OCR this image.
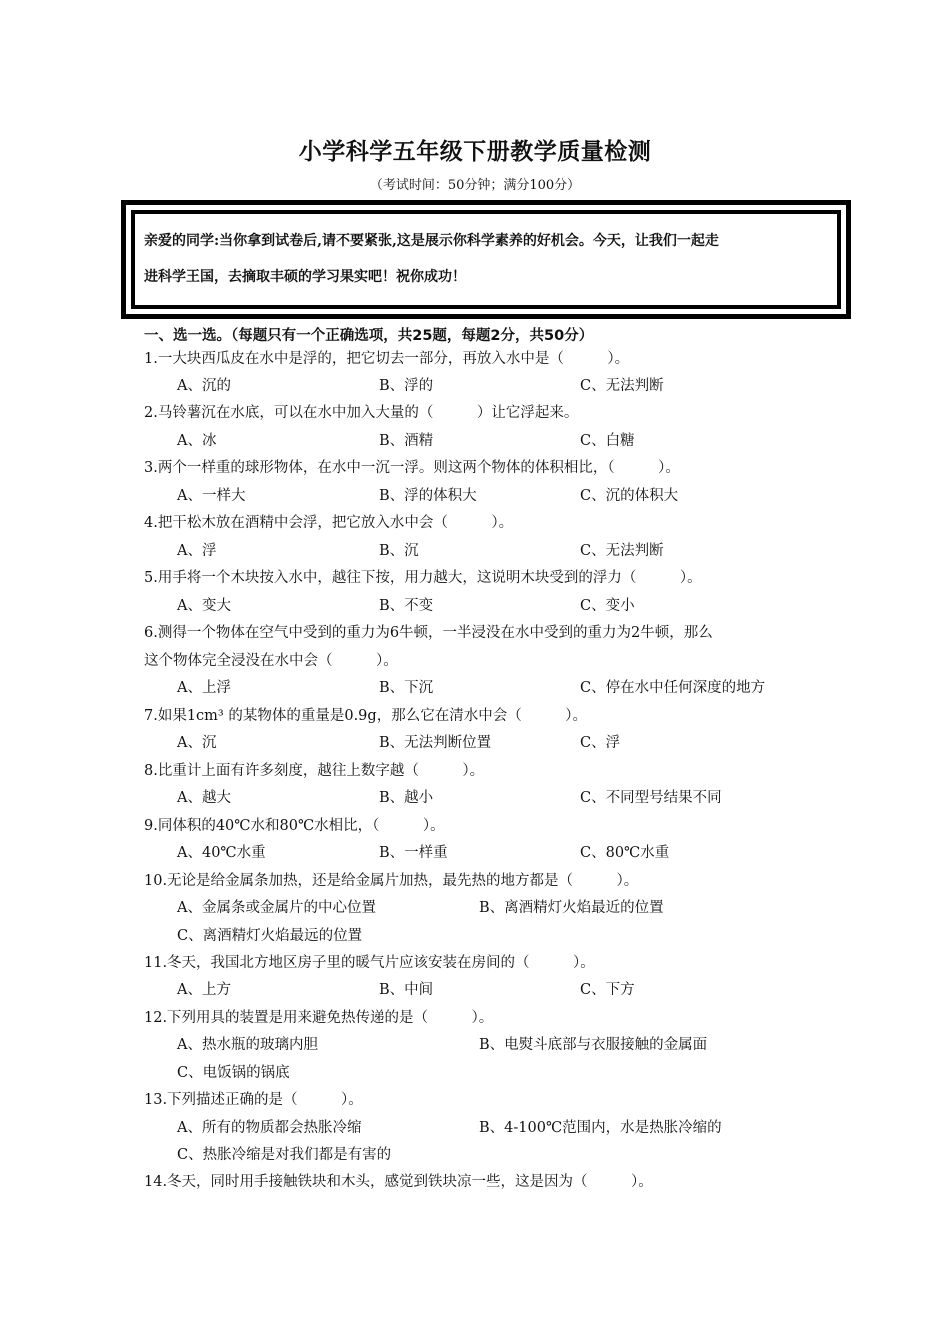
小学科学五年级下册教学质量检测
（考试时间：50分钟；满分100分）
亲爱的同学:当你拿到试卷后,请不要紧张,这是展示你科学素养的好机会。今天，让我们一起走
进科学王国，去摘取丰硕的学习果实吧！祝你成功！
一、选一选。（每题只有一个正确选项，共25题，每题2分，共50分）
1.一大块西瓜皮在水中是浮的，把它切去一部分，再放入水中是（　　　）。
A、沉的	B、浮的	C、无法判断
2.马铃薯沉在水底，可以在水中加入大量的（　　　）让它浮起来。
A、冰	B、酒精	C、白糖
3.两个一样重的球形物体，在水中一沉一浮。则这两个物体的体积相比，（　　　）。
A、一样大	B、浮的体积大	C、沉的体积大
4.把干松木放在酒精中会浮，把它放入水中会（　　　）。
A、浮	B、沉	C、无法判断
5.用手将一个木块按入水中，越往下按，用力越大，这说明木块受到的浮力（　　　）。
A、变大	B、不变	C、变小
6.测得一个物体在空气中受到的重力为6牛顿，一半浸没在水中受到的重力为2牛顿，那么
这个物体完全浸没在水中会（　　　）。
A、上浮	B、下沉	C、停在水中任何深度的地方
7.如果1cm³ 的某物体的重量是0.9g，那么它在清水中会（　　　）。
A、沉	B、无法判断位置	C、浮
8.比重计上面有许多刻度，越往上数字越（　　　）。
A、越大	B、越小	C、不同型号结果不同
9.同体积的40℃水和80℃水相比，（　　　）。
A、40℃水重	B、一样重	C、80℃水重
10.无论是给金属条加热，还是给金属片加热，最先热的地方都是（　　　）。
A、金属条或金属片的中心位置	B、离酒精灯火焰最近的位置
C、离酒精灯火焰最远的位置
11.冬天，我国北方地区房子里的暖气片应该安装在房间的（　　　）。
A、上方	B、中间	C、下方
12.下列用具的装置是用来避免热传递的是（　　　）。
A、热水瓶的玻璃内胆	B、电熨斗底部与衣服接触的金属面
C、电饭锅的锅底
13.下列描述正确的是（　　　）。
A、所有的物质都会热胀冷缩	B、4-100℃范围内，水是热胀冷缩的
C、热胀冷缩是对我们都是有害的
14.冬天，同时用手接触铁块和木头，感觉到铁块凉一些，这是因为（　　　）。
